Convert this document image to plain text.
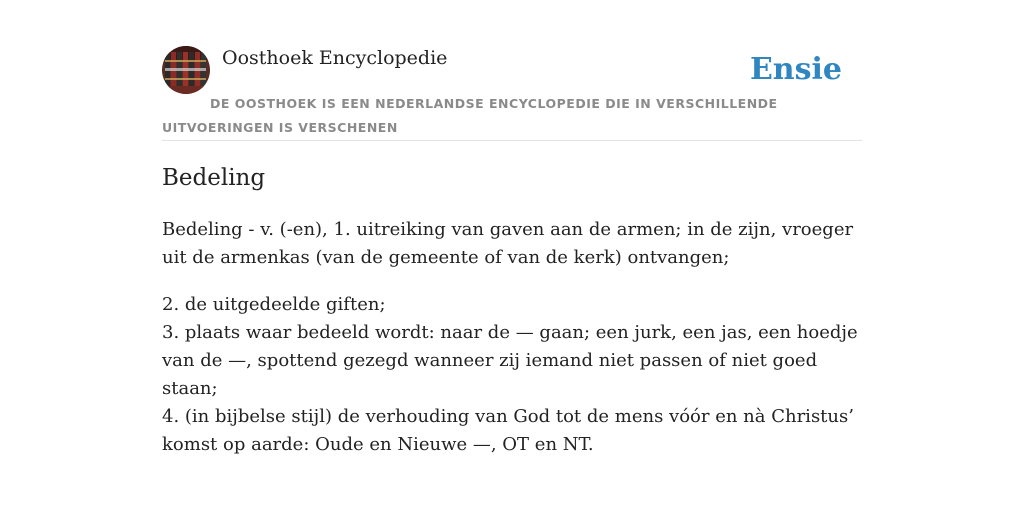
Oosthoek Encyclopedie	Ensie
DE OOSTHOEK IS EEN NEDERLANDSE ENCYCLOPEDIE DIE IN VERSCHILLENDE UITVOERINGEN IS VERSCHENEN
Bedeling

Bedeling - v. (-en), 1. uitreiking van gaven aan de armen; in de zijn, vroeger uit de armenkas (van de gemeente of van de kerk) ontvangen;

2. de uitgedeelde giften;
3. plaats waar bedeeld wordt: naar de — gaan; een jurk, een jas, een hoedje van de —, spottend gezegd wanneer zij iemand niet passen of niet goed staan;
4. (in bijbelse stijl) de verhouding van God tot de mens vóór en nà Christus’ komst op aarde: Oude en Nieuwe —, OT en NT.
